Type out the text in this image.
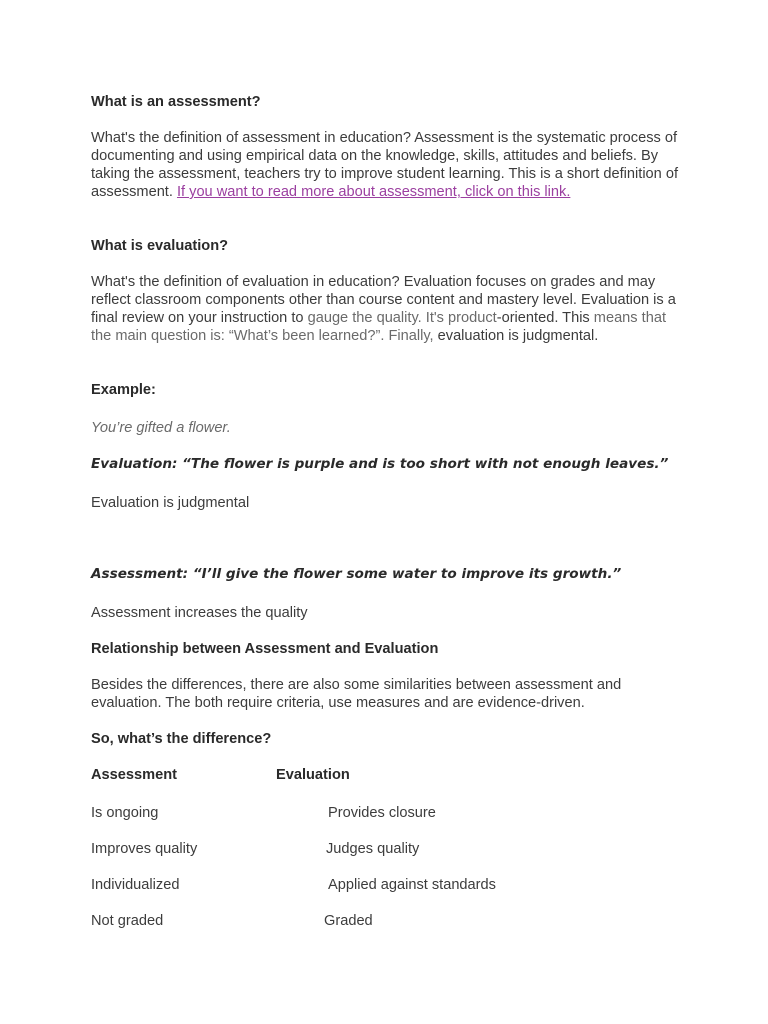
What is an assessment?

What's the definition of assessment in education? Assessment is the systematic process of documenting and using empirical data on the knowledge, skills, attitudes and beliefs. By taking the assessment, teachers try to improve student learning. This is a short definition of assessment. If you want to read more about assessment, click on this link.

What is evaluation?

What's the definition of evaluation in education? Evaluation focuses on grades and may reflect classroom components other than course content and mastery level. Evaluation is a final review on your instruction to gauge the quality. It's product-oriented. This means that the main question is: “What’s been learned?”. Finally, evaluation is judgmental.

Example:

You’re gifted a flower.

Evaluation: “The flower is purple and is too short with not enough leaves.”

Evaluation is judgmental

Assessment: “I’ll give the flower some water to improve its growth.”

Assessment increases the quality

Relationship between Assessment and Evaluation

Besides the differences, there are also some similarities between assessment and evaluation. The both require criteria, use measures and are evidence-driven.

So, what’s the difference?

Assessment	Evaluation
Is ongoing	Provides closure
Improves quality	Judges quality
Individualized	Applied against standards
Not graded	Graded
